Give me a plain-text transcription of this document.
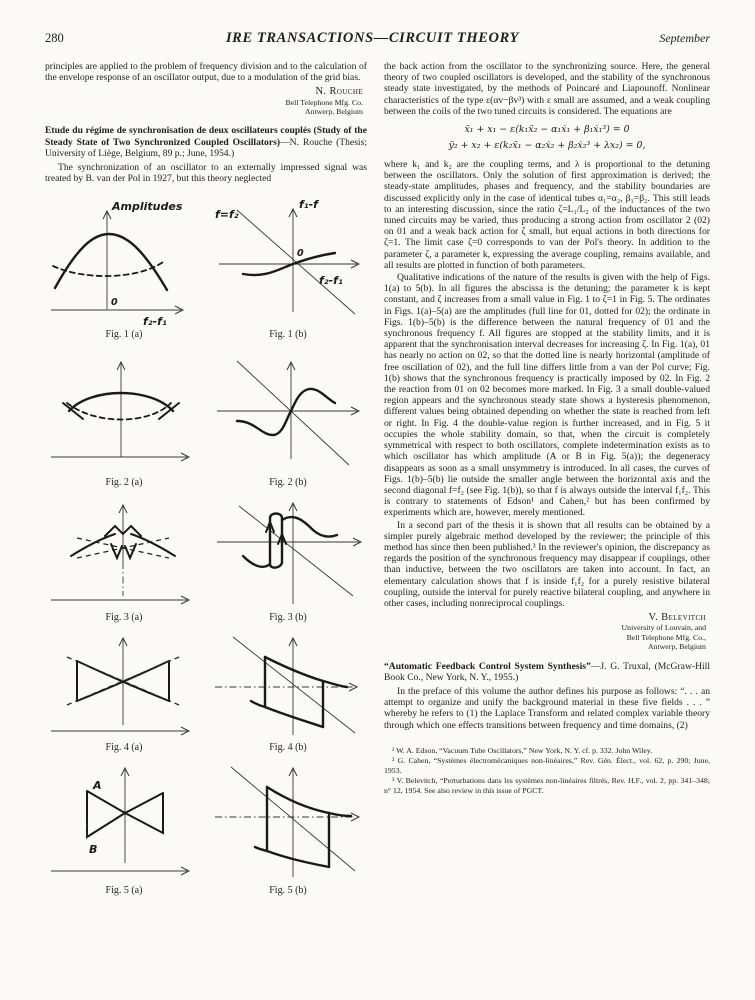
280	IRE TRANSACTIONS—CIRCUIT THEORY	September

principles are applied to the problem of frequency division and to the calculation of the envelope response of an oscillator output, due to a modulation of the grid bias.

N. Rouche
Bell Telephone Mfg. Co.
Antwerp, Belgium

Etude du régime de synchronisation de deux oscillateurs couplés (Study of the Steady State of Two Synchronized Coupled Oscillators)—N. Rouche (Thesis; University of Liège, Belgium, 89 p.; June, 1954.)

The synchronization of an oscillator to an externally impressed signal was treated by B. van der Pol in 1927, but this theory neglected

Amplitudes
0
f₂-f₁
Fig. 1 (a)
f₁-f
f=f₂
0
f₂-f₁
Fig. 1 (b)
Fig. 2 (a)	Fig. 2 (b)
Fig. 3 (a)	Fig. 3 (b)
Fig. 4 (a)	Fig. 4 (b)
A
B
Fig. 5 (a)	Fig. 5 (b)

the back action from the oscillator to the synchronizing source. Here, the general theory of two coupled oscillators is developed, and the stability of the synchronous steady state investigated, by the methods of Poincaré and Liapounoff. Nonlinear characteristics of the type ε(αv−βv³) with ε small are assumed, and a weak coupling between the coils of the two tuned circuits is considered. The equations are

ẍ₁ + x₁ − ε(k₁ẍ₂ − α₁ẋ₁ + β₁ẋ₁³) = 0
ÿ₂ + x₂ + ε(k₂ẍ₁ − α₂ẋ₂ + β₂ẋ₂³ + λx₂) = 0,

where k₁ and k₂ are the coupling terms, and λ is proportional to the detuning between the oscillators. Only the solution of first approximation is derived; the steady-state amplitudes, phases and frequency, and the stability boundaries are discussed explicitly only in the case of identical tubes α₁=α₂, β₁=β₂. This still leads to an interesting discussion, since the ratio ζ=L₁/L₂ of the inductances of the two tuned circuits may be varied, thus producing a strong action from oscillator 2 (02) on 01 and a weak back action for ζ small, but equal actions in both directions for ζ=1. The limit case ζ=0 corresponds to van der Pol's theory. In addition to the parameter ζ, a parameter k, expressing the average coupling, remains available, and all results are plotted in function of both parameters.

Qualitative indications of the nature of the results is given with the help of Figs. 1(a) to 5(b). In all figures the abscissa is the detuning; the parameter k is kept constant, and ζ increases from a small value in Fig. 1 to ζ=1 in Fig. 5. The ordinates in Figs. 1(a)–5(a) are the amplitudes (full line for 01, dotted for 02); the ordinate in Figs. 1(b)–5(b) is the difference between the natural frequency of 01 and the synchronous frequency f. All figures are stopped at the stability limits, and it is apparent that the synchronisation interval decreases for increasing ζ. In Fig. 1(a), 01 has nearly no action on 02, so that the dotted line is nearly horizontal (amplitude of free oscillation of 02), and the full line differs little from a van der Pol curve; Fig. 1(b) shows that the synchronous frequency is practically imposed by 02. In Fig. 2 the reaction from 01 on 02 becomes more marked. In Fig. 3 a small double-valued region appears and the synchronous steady state shows a hysteresis phenomenon, different values being obtained depending on whether the state is reached from left or right. In Fig. 4 the double-value region is further increased, and in Fig. 5 it occupies the whole stability domain, so that, when the circuit is completely symmetrical with respect to both oscillators, complete indetermination exists as to which oscillator has which amplitude (A or B in Fig. 5(a)); the degeneracy disappears as soon as a small unsymmetry is introduced. In all cases, the curves of Figs. 1(b)–5(b) lie outside the smaller angle between the horizontal axis and the second diagonal f=f₂ (see Fig. 1(b)), so that f is always outside the interval f₁f₂. This is contrary to statements of Edson¹ and Cahen,² but has been confirmed by experiments which are, however, merely mentioned.

In a second part of the thesis it is shown that all results can be obtained by a simpler purely algebraic method developed by the reviewer; the principle of this method has since then been published.³ In the reviewer's opinion, the discrepancy as regards the position of the synchronous frequency may disappear if couplings, other than inductive, between the two oscillators are taken into account. In fact, an elementary calculation shows that f is inside f₁f₂ for a purely resistive bilateral coupling, outside the interval for purely reactive bilateral coupling, and anywhere in other cases, including nonreciprocal couplings.

V. Belevitch
University of Louvain, and
Bell Telephone Mfg. Co.,
Antwerp, Belgium

“Automatic Feedback Control System Synthesis”—J. G. Truxal, (McGraw-Hill Book Co., New York, N. Y., 1955.)

In the preface of this volume the author defines his purpose as follows: “. . . an attempt to organize and unify the background material in these five fields . . . ” whereby he refers to (1) the Laplace Transform and related complex variable theory through which one effects transitions between frequency and time domains, (2)

¹ W. A. Edson, “Vacuum Tube Oscillators,” New York, N. Y. cf. p. 332. John Wiley.

² G. Cahen, “Systèmes électromécaniques non-linéaires,” Rev. Gén. Élect., vol. 62, p. 290; June, 1953.

³ V. Belevitch, “Perturbations dans les systèmes non-linéaires filtrés, Rev. H.F., vol. 2, pp. 341–348; n° 12, 1954. See also review in this issue of PGCT.
